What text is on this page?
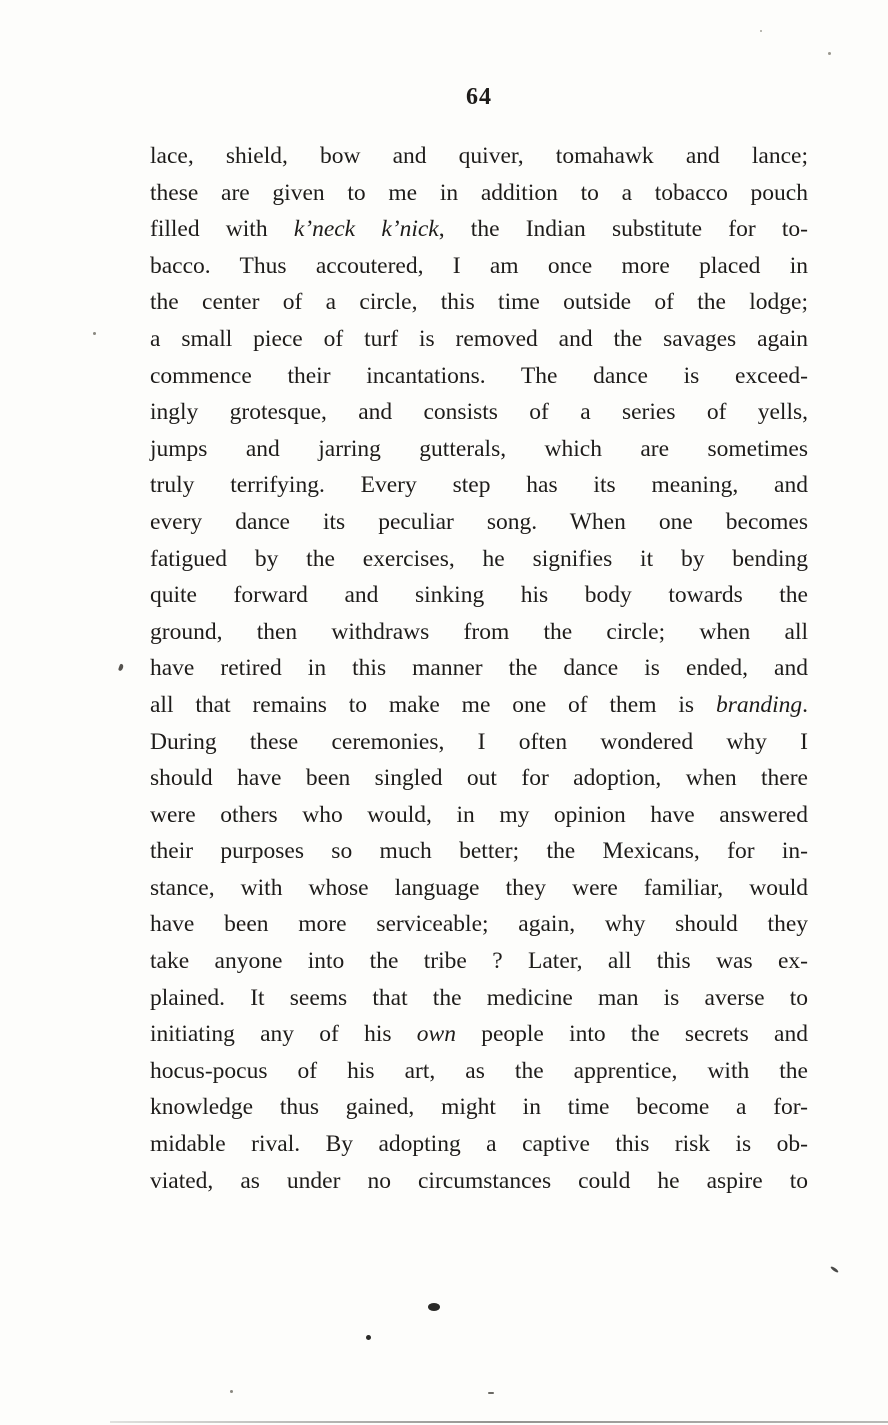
64
lace, shield, bow and quiver, tomahawk and lance;
these are given to me in addition to a tobacco pouch
filled with k’neck k’nick, the Indian substitute for to-
bacco. Thus accoutered, I am once more placed in
the center of a circle, this time outside of the lodge;
a small piece of turf is removed and the savages again
commence their incantations. The dance is exceed-
ingly grotesque, and consists of a series of yells,
jumps and jarring gutterals, which are sometimes
truly terrifying. Every step has its meaning, and
every dance its peculiar song. When one becomes
fatigued by the exercises, he signifies it by bending
quite forward and sinking his body towards the
ground, then withdraws from the circle; when all
have retired in this manner the dance is ended, and
all that remains to make me one of them is branding.
During these ceremonies, I often wondered why I
should have been singled out for adoption, when there
were others who would, in my opinion have answered
their purposes so much better; the Mexicans, for in-
stance, with whose language they were familiar, would
have been more serviceable; again, why should they
take anyone into the tribe ? Later, all this was ex-
plained. It seems that the medicine man is averse to
initiating any of his own people into the secrets and
hocus-pocus of his art, as the apprentice, with the
knowledge thus gained, might in time become a for-
midable rival. By adopting a captive this risk is ob-
viated, as under no circumstances could he aspire to
